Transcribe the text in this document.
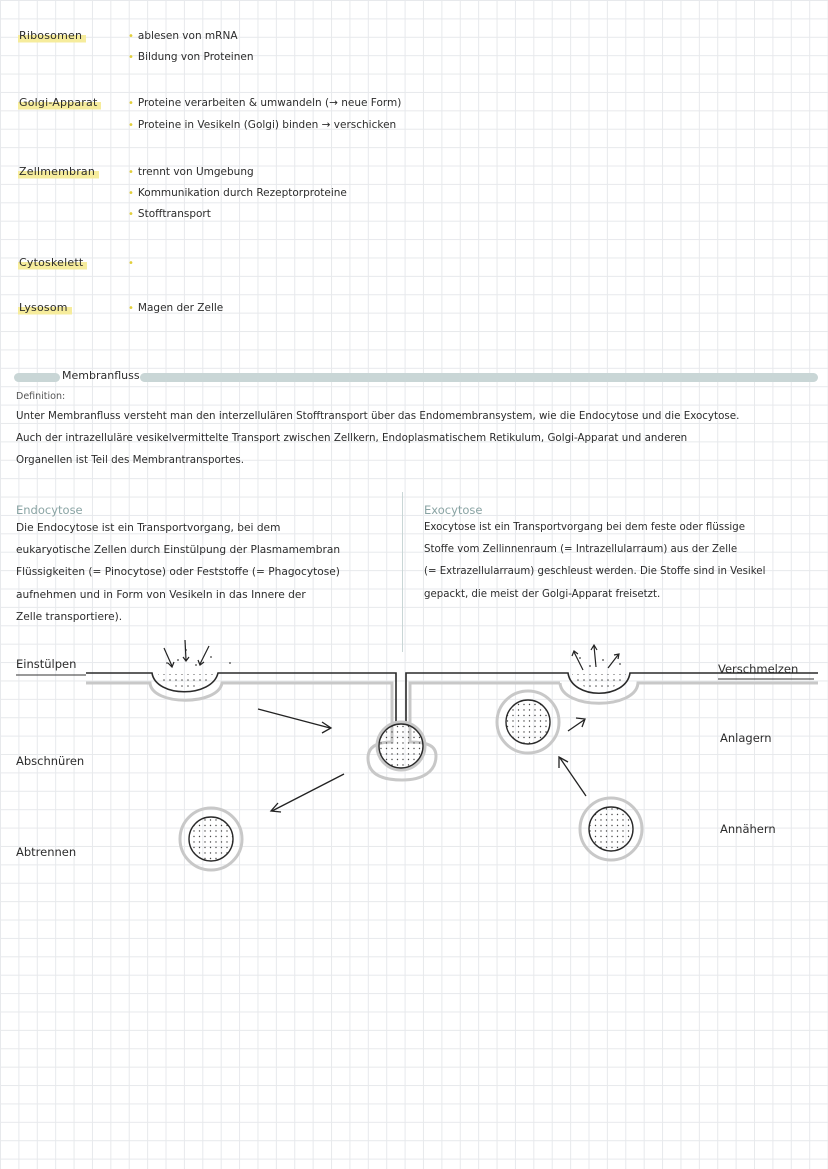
Ribosomen	• ablesen von mRNA
• Bildung von Proteinen
Golgi-Apparat	• Proteine verarbeiten & umwandeln (→ neue Form)
• Proteine in Vesikeln (Golgi) binden → verschicken
Zellmembran	• trennt von Umgebung
• Kommunikation durch Rezeptorproteine
• Stofftransport
Cytoskelett
•
Lysosom	• Magen der Zelle
Membranfluss
Definition:
Unter Membranfluss versteht man den interzellulären Stofftransport über das Endomembransystem, wie die Endocytose und die Exocytose.
Auch der intrazelluläre vesikelvermittelte Transport zwischen Zellkern, Endoplasmatischem Retikulum, Golgi-Apparat und anderen
Organellen ist Teil des Membrantransportes.
Endocytose
Die Endocytose ist ein Transportvorgang, bei dem
eukaryotische Zellen durch Einstülpung der Plasmamembran
Flüssigkeiten (= Pinocytose) oder Feststoffe (= Phagocytose)
aufnehmen und in Form von Vesikeln in das Innere der
Zelle transportiere).
Exocytose
Exocytose ist ein Transportvorgang bei dem feste oder flüssige
Stoffe vom Zellinnenraum (= Intrazellularraum) aus der Zelle
(= Extrazellularraum) geschleust werden. Die Stoffe sind in Vesikel
gepackt, die meist der Golgi-Apparat freisetzt.
Einstülpen
Abschnüren
Abtrennen
Verschmelzen
Anlagern
Annähern
